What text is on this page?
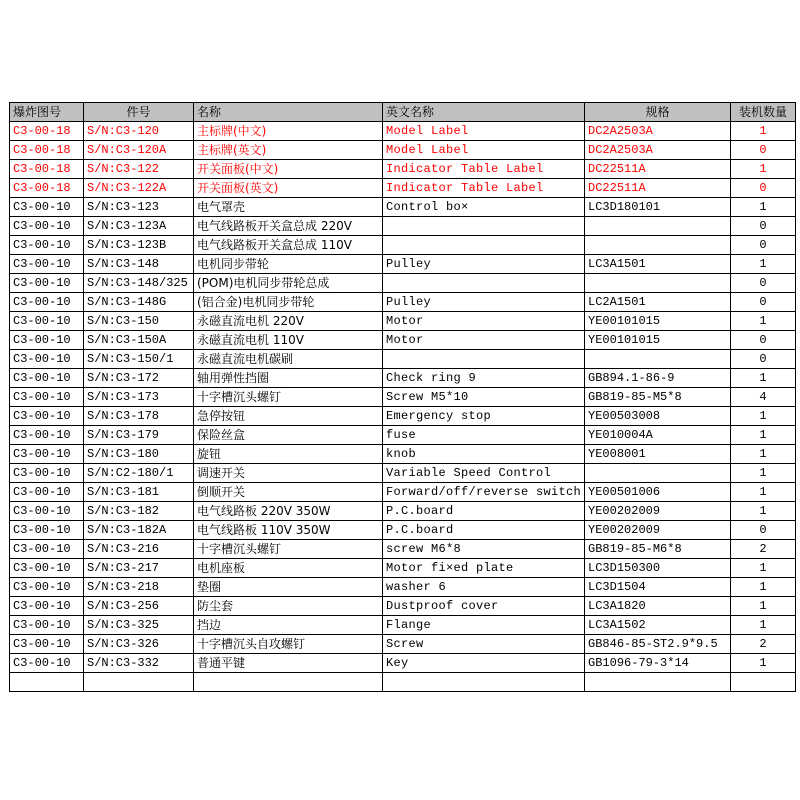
爆炸图号	件号	名称	英文名称	规格	装机数量
C3-00-18	S/N:C3-120	主标牌(中文)	Model Label	DC2A2503A	1
C3-00-18	S/N:C3-120A	主标牌(英文)	Model Label	DC2A2503A	0
C3-00-18	S/N:C3-122	开关面板(中文)	Indicator Table Label	DC22511A	1
C3-00-18	S/N:C3-122A	开关面板(英文)	Indicator Table Label	DC22511A	0
C3-00-10	S/N:C3-123	电气罩壳	Control bo×	LC3D180101	1
C3-00-10	S/N:C3-123A	电气线路板开关盒总成 220V			0
C3-00-10	S/N:C3-123B	电气线路板开关盒总成 110V			0
C3-00-10	S/N:C3-148	电机同步带轮	Pulley	LC3A1501	1
C3-00-10	S/N:C3-148/325	(POM)电机同步带轮总成			0
C3-00-10	S/N:C3-148G	(铝合金)电机同步带轮	Pulley	LC2A1501	0
C3-00-10	S/N:C3-150	永磁直流电机 220V	Motor	YE00101015	1
C3-00-10	S/N:C3-150A	永磁直流电机 110V	Motor	YE00101015	0
C3-00-10	S/N:C3-150/1	永磁直流电机碳刷			0
C3-00-10	S/N:C3-172	轴用弹性挡圈	Check ring 9	GB894.1-86-9	1
C3-00-10	S/N:C3-173	十字槽沉头螺钉	Screw M5*10	GB819-85-M5*8	4
C3-00-10	S/N:C3-178	急停按钮	Emergency stop	YE00503008	1
C3-00-10	S/N:C3-179	保险丝盒	fuse	YE010004A	1
C3-00-10	S/N:C3-180	旋钮	knob	YE008001	1
C3-00-10	S/N:C2-180/1	调速开关	Variable Speed Control		1
C3-00-10	S/N:C3-181	倒顺开关	Forward/off/reverse switch	YE00501006	1
C3-00-10	S/N:C3-182	电气线路板 220V 350W	P.C.board	YE00202009	1
C3-00-10	S/N:C3-182A	电气线路板 110V 350W	P.C.board	YE00202009	0
C3-00-10	S/N:C3-216	十字槽沉头螺钉	screw M6*8	GB819-85-M6*8	2
C3-00-10	S/N:C3-217	电机座板	Motor fi×ed plate	LC3D150300	1
C3-00-10	S/N:C3-218	垫圈	washer 6	LC3D1504	1
C3-00-10	S/N:C3-256	防尘套	Dustproof cover	LC3A1820	1
C3-00-10	S/N:C3-325	挡边	Flange	LC3A1502	1
C3-00-10	S/N:C3-326	十字槽沉头自攻螺钉	Screw	GB846-85-ST2.9*9.5	2
C3-00-10	S/N:C3-332	普通平键	Key	GB1096-79-3*14	1
